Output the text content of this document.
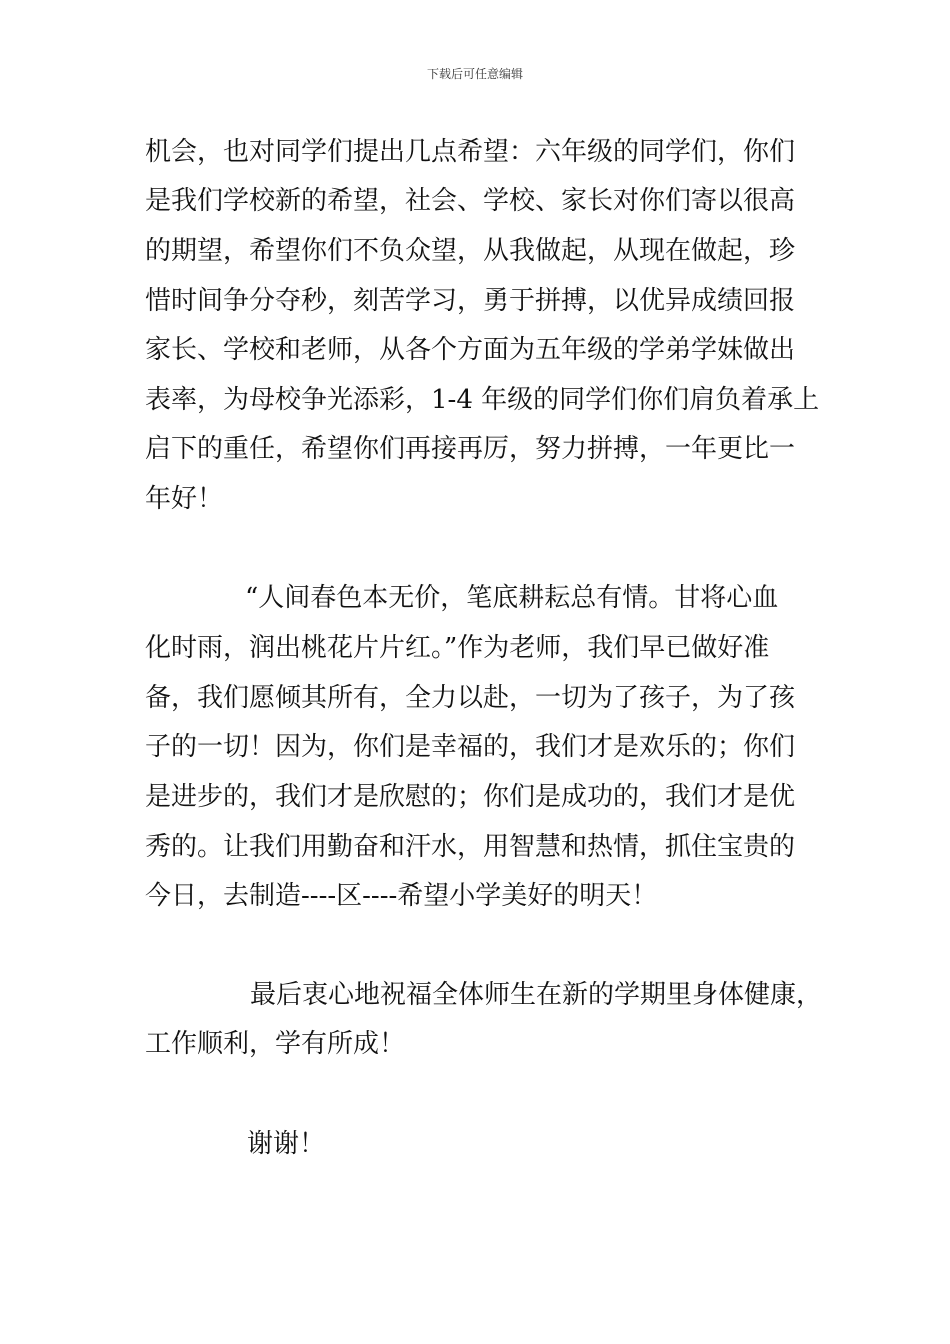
下载后可任意编辑
机会，也对同学们提出几点希望：六年级的同学们，你们
是我们学校新的希望，社会、学校、家长对你们寄以很高
的期望，希望你们不负众望，从我做起，从现在做起，珍
惜时间争分夺秒，刻苦学习，勇于拼搏，以优异成绩回报
家长、学校和老师，从各个方面为五年级的学弟学妹做出
表率，为母校争光添彩，1-4 年级的同学们你们肩负着承上
启下的重任，希望你们再接再厉，努力拼搏，一年更比一
年好！
“人间春色本无价，笔底耕耘总有情。甘将心血
化时雨，润出桃花片片红。”作为老师，我们早已做好准
备，我们愿倾其所有，全力以赴，一切为了孩子，为了孩
子的一切！因为，你们是幸福的，我们才是欢乐的；你们
是进步的，我们才是欣慰的；你们是成功的，我们才是优
秀的。让我们用勤奋和汗水，用智慧和热情，抓住宝贵的
今日，去制造----区----希望小学美好的明天！
最后衷心地祝福全体师生在新的学期里身体健康，
工作顺利，学有所成！
谢谢！
